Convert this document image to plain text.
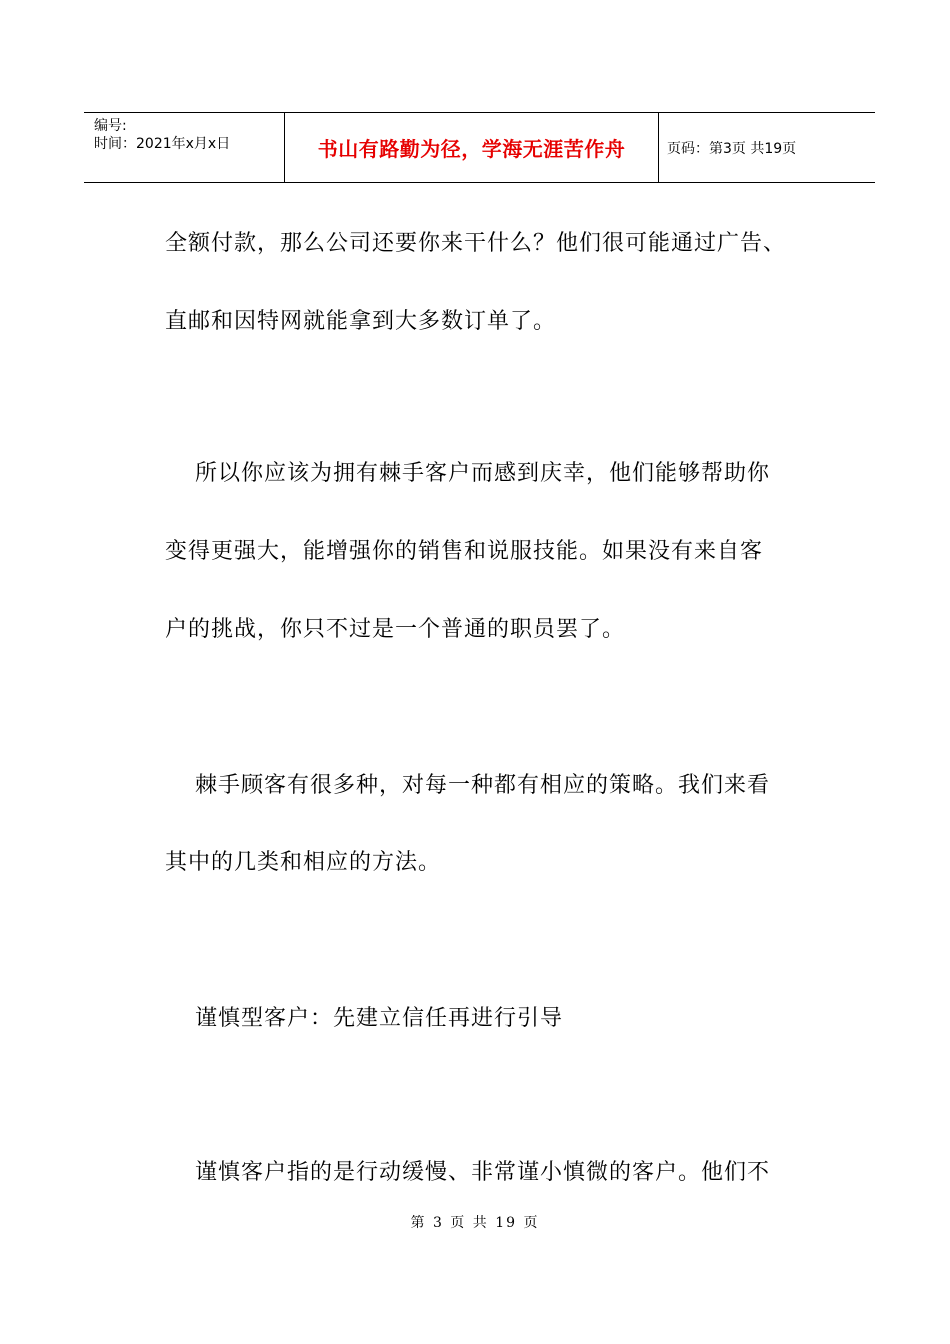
编号:
时间：2021年x月x日	书山有路勤为径，学海无涯苦作舟	页码：第3页 共19页
全额付款，那么公司还要你来干什么？他们很可能通过广告、
直邮和因特网就能拿到大多数订单了。
所以你应该为拥有棘手客户而感到庆幸，他们能够帮助你
变得更强大，能增强你的销售和说服技能。如果没有来自客
户的挑战，你只不过是一个普通的职员罢了。
棘手顾客有很多种，对每一种都有相应的策略。我们来看
其中的几类和相应的方法。
谨慎型客户：先建立信任再进行引导
谨慎客户指的是行动缓慢、非常谨小慎微的客户。他们不
第 3 页 共 19 页
